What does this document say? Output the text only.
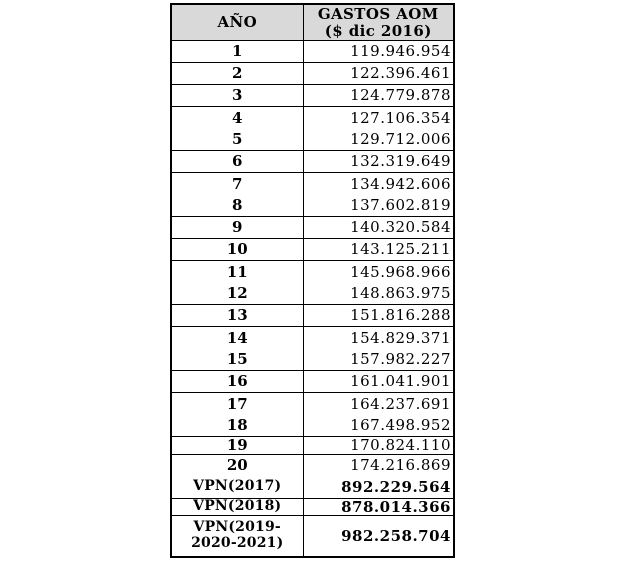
AÑO	GASTOS AOM
($ dic 2016)

1	119.946.954
2	122.396.461
3	124.779.878
4	127.106.354
5	129.712.006
6	132.319.649
7	134.942.606
8	137.602.819
9	140.320.584
10	143.125.211
11	145.968.966
12	148.863.975
13	151.816.288
14	154.829.371
15	157.982.227
16	161.041.901
17	164.237.691
18	167.498.952
19	170.824.110
20	174.216.869
VPN(2017)	892.229.564
VPN(2018)	878.014.366
VPN(2019-2020-2021)	982.258.704
